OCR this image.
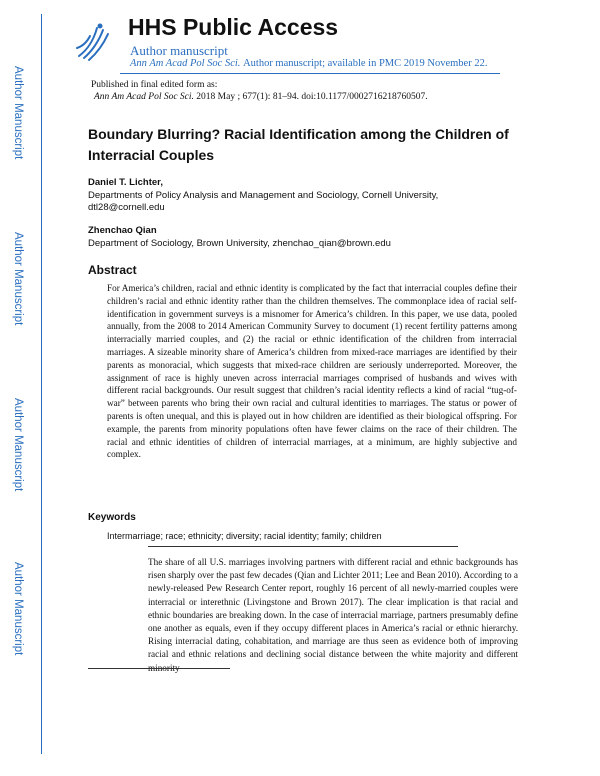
Author Manuscript
Author Manuscript
Author Manuscript
Author Manuscript
HHS Public Access
Author manuscript
Ann Am Acad Pol Soc Sci. Author manuscript; available in PMC 2019 November 22.
Published in final edited form as:
Ann Am Acad Pol Soc Sci. 2018 May ; 677(1): 81–94. doi:10.1177/0002716218760507.
Boundary Blurring? Racial Identification among the Children of Interracial Couples
Daniel T. Lichter,
Departments of Policy Analysis and Management and Sociology, Cornell University,
dtl28@cornell.edu
Zhenchao Qian
Department of Sociology, Brown University, zhenchao_qian@brown.edu
Abstract
For America’s children, racial and ethnic identity is complicated by the fact that interracial couples define their children’s racial and ethnic identity rather than the children themselves. The commonplace idea of racial self-identification in government surveys is a misnomer for America’s children. In this paper, we use data, pooled annually, from the 2008 to 2014 American Community Survey to document (1) recent fertility patterns among interracially married couples, and (2) the racial or ethnic identification of the children from interracial marriages. A sizeable minority share of America’s children from mixed-race marriages are identified by their parents as monoracial, which suggests that mixed-race children are seriously underreported. Moreover, the assignment of race is highly uneven across interracial marriages comprised of husbands and wives with different racial backgrounds. Our result suggest that children’s racial identity reflects a kind of racial “tug-of-war” between parents who bring their own racial and cultural identities to marriages. The status or power of parents is often unequal, and this is played out in how children are identified as their biological offspring. For example, the parents from minority populations often have fewer claims on the race of their children. The racial and ethnic identities of children of interracial marriages, at a minimum, are highly subjective and complex.
Keywords
Intermarriage; race; ethnicity; diversity; racial identity; family; children
The share of all U.S. marriages involving partners with different racial and ethnic backgrounds has risen sharply over the past few decades (Qian and Lichter 2011; Lee and Bean 2010). According to a newly-released Pew Research Center report, roughly 16 percent of all newly-married couples were interracial or interethnic (Livingstone and Brown 2017). The clear implication is that racial and ethnic boundaries are breaking down. In the case of interracial marriage, partners presumably define one another as equals, even if they occupy different places in America’s racial or ethnic hierarchy. Rising interracial dating, cohabitation, and marriage are thus seen as evidence both of improving racial and ethnic relations and declining social distance between the white majority and different
